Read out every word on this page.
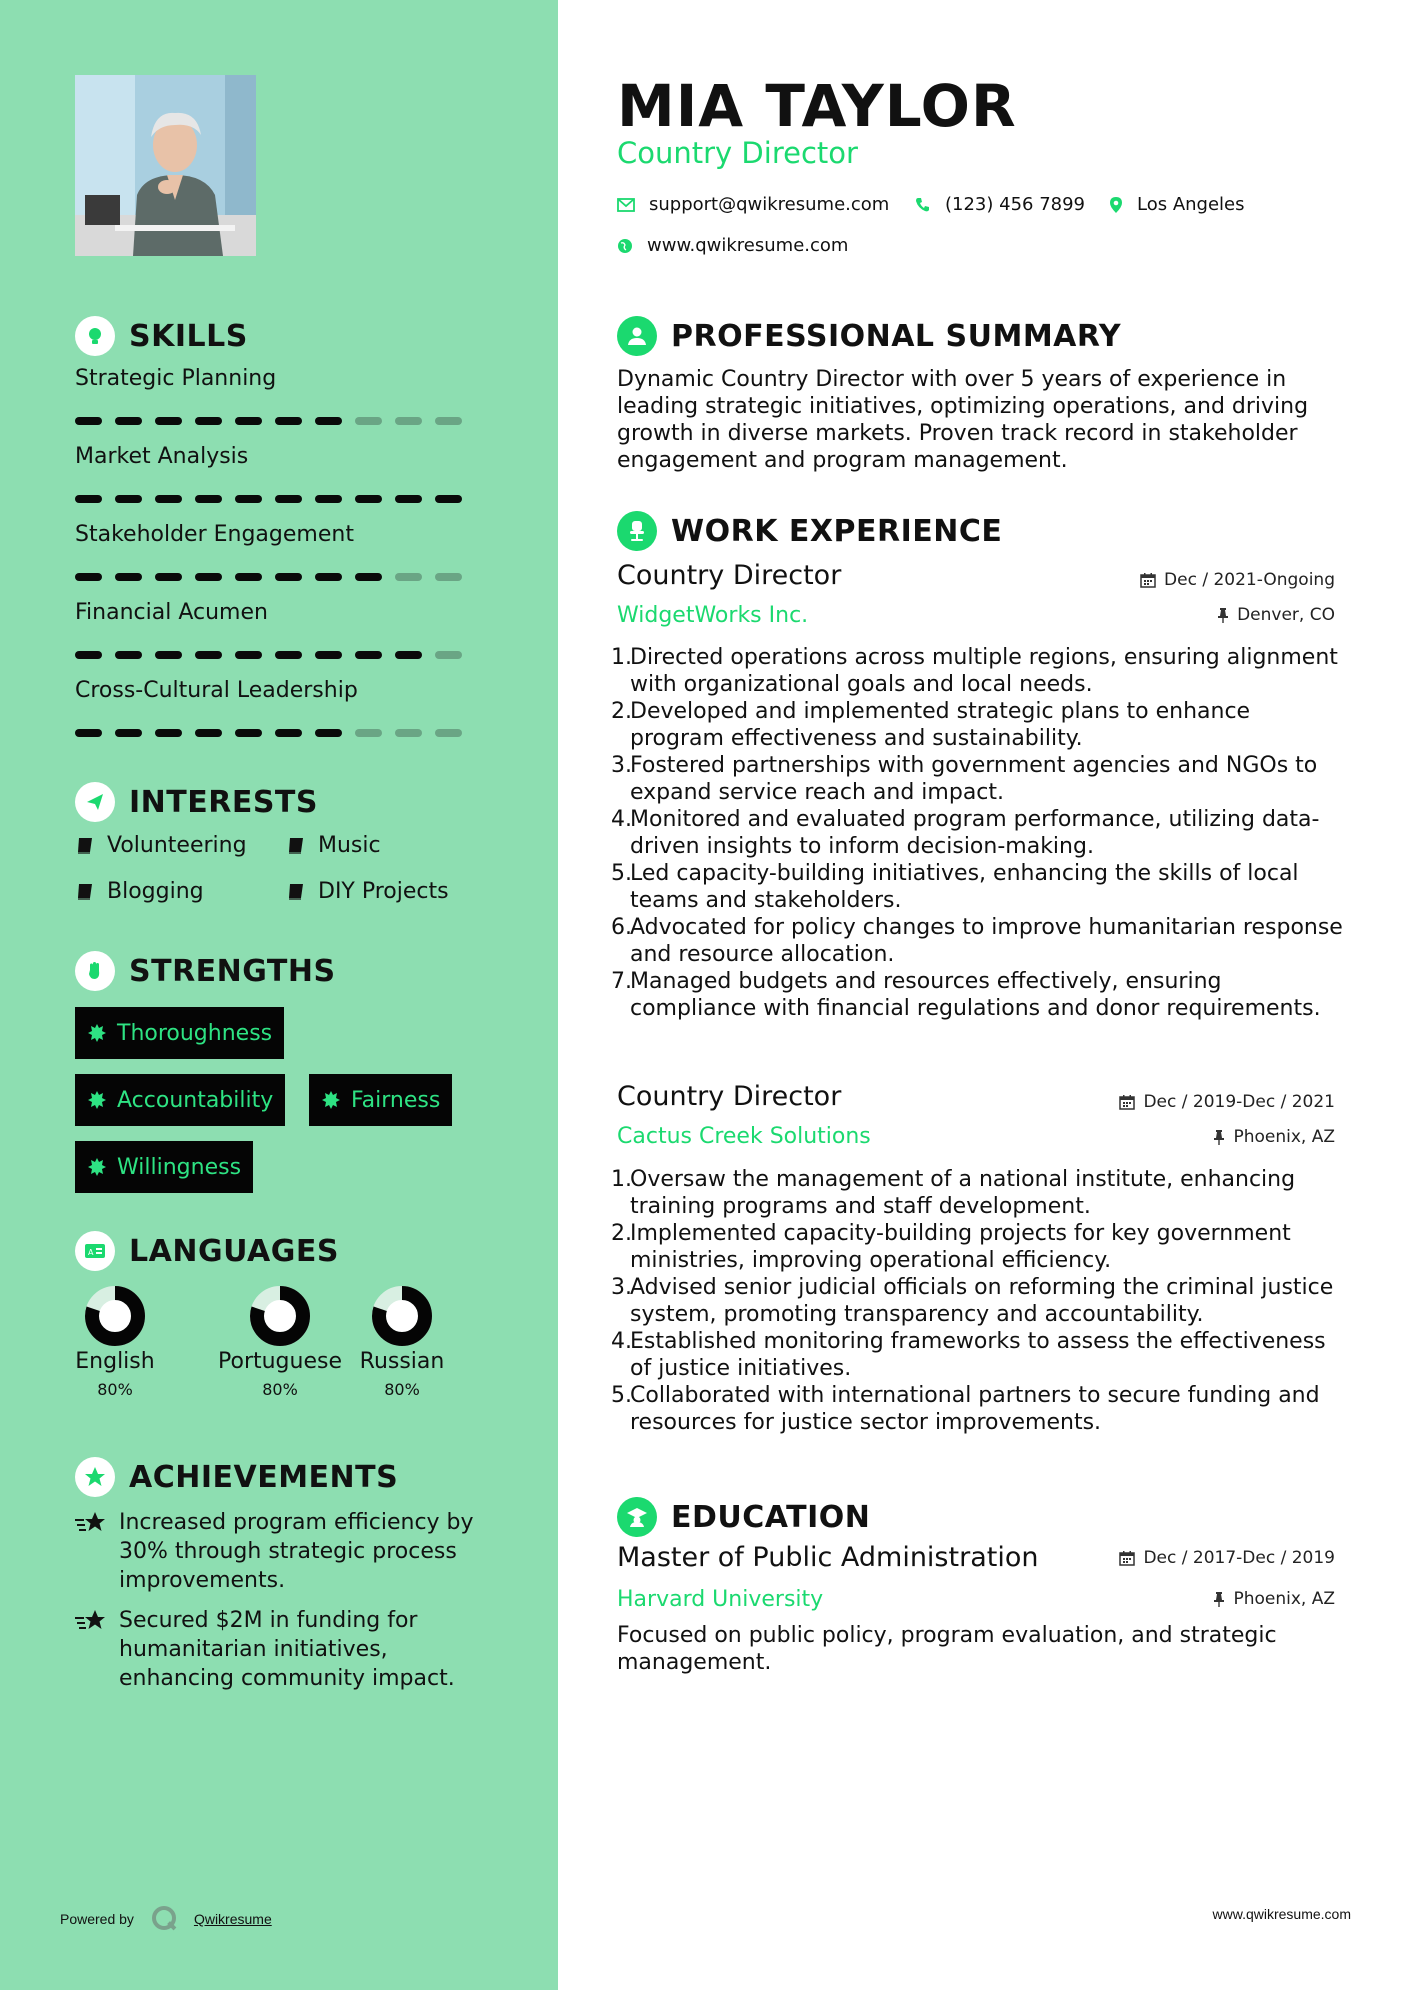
SKILLS
Strategic Planning
Market Analysis
Stakeholder Engagement
Financial Acumen
Cross-Cultural Leadership
INTERESTS
Volunteering	Music
Blogging	DIY Projects
STRENGTHS
Thoroughness
Accountability	Fairness
Willingness
A LANGUAGES
English
80%
Portuguese
80%
Russian
80%
ACHIEVEMENTS
Increased program efficiency by 30% through strategic process improvements.
Secured $2M in funding for humanitarian initiatives, enhancing community impact.
Powered by	Qwikresume
MIA TAYLOR
Country Director
support@qwikresume.com	(123) 456 7899	Los Angeles
www.qwikresume.com
PROFESSIONAL SUMMARY
Dynamic Country Director with over 5 years of experience in leading strategic initiatives, optimizing operations, and driving growth in diverse markets. Proven track record in stakeholder engagement and program management.
WORK EXPERIENCE
Country Director	Dec / 2021-Ongoing
WidgetWorks Inc.	Denver, CO
1.
Directed operations across multiple regions, ensuring alignment with organizational goals and local needs.
2.
Developed and implemented strategic plans to enhance program effectiveness and sustainability.
3.
Fostered partnerships with government agencies and NGOs to expand service reach and impact.
4.
Monitored and evaluated program performance, utilizing data-driven insights to inform decision-making.
5.
Led capacity-building initiatives, enhancing the skills of local teams and stakeholders.
6.
Advocated for policy changes to improve humanitarian response and resource allocation.
7.
Managed budgets and resources effectively, ensuring compliance with financial regulations and donor requirements.
Country Director	Dec / 2019-Dec / 2021
Cactus Creek Solutions	Phoenix, AZ
1.
Oversaw the management of a national institute, enhancing training programs and staff development.
2.
Implemented capacity-building projects for key government ministries, improving operational efficiency.
3.
Advised senior judicial officials on reforming the criminal justice system, promoting transparency and accountability.
4.
Established monitoring frameworks to assess the effectiveness of justice initiatives.
5.
Collaborated with international partners to secure funding and resources for justice sector improvements.
EDUCATION
Master of Public Administration	Dec / 2017-Dec / 2019
Harvard University	Phoenix, AZ
Focused on public policy, program evaluation, and strategic management.
www.qwikresume.com
